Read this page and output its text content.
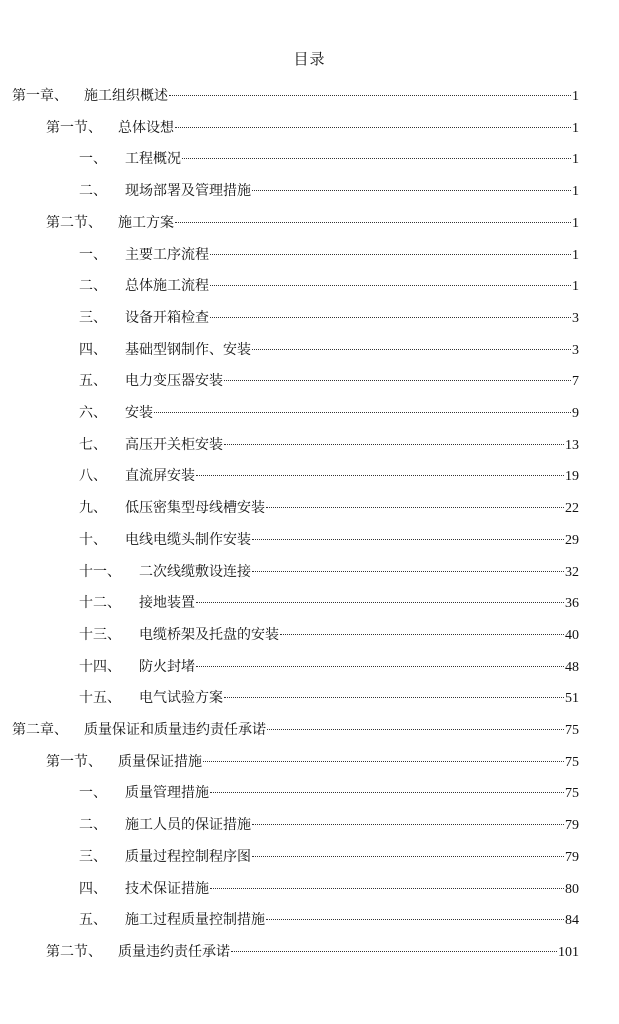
目录
第一章、 施工组织概述	1
第一节、 总体设想	1
一、 工程概况	1
二、 现场部署及管理措施	1
第二节、 施工方案	1
一、 主要工序流程	1
二、 总体施工流程	1
三、 设备开箱检查	3
四、 基础型钢制作、安装	3
五、 电力变压器安装	7
六、 安装	9
七、 高压开关柜安装	13
八、 直流屏安装	19
九、 低压密集型母线槽安装	22
十、 电线电缆头制作安装	29
十一、 二次线缆敷设连接	32
十二、 接地装置	36
十三、 电缆桥架及托盘的安装	40
十四、 防火封堵	48
十五、 电气试验方案	51
第二章、 质量保证和质量违约责任承诺	75
第一节、 质量保证措施	75
一、 质量管理措施	75
二、 施工人员的保证措施	79
三、 质量过程控制程序图	79
四、 技术保证措施	80
五、 施工过程质量控制措施	84
第二节、 质量违约责任承诺	101
